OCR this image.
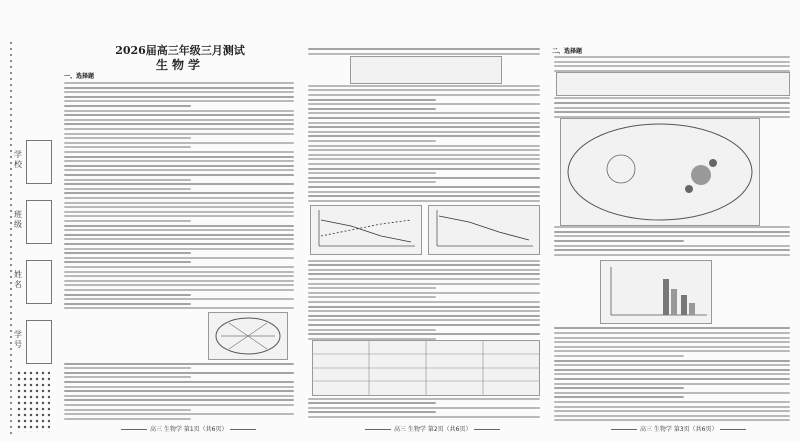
学校
班级
姓名
学号
2026届高三年级三月测试
生物学
一、选择题
二、选择题
高三 生物学 第1页（共6页）	高三 生物学 第2页（共6页）	高三 生物学 第3页（共6页）
